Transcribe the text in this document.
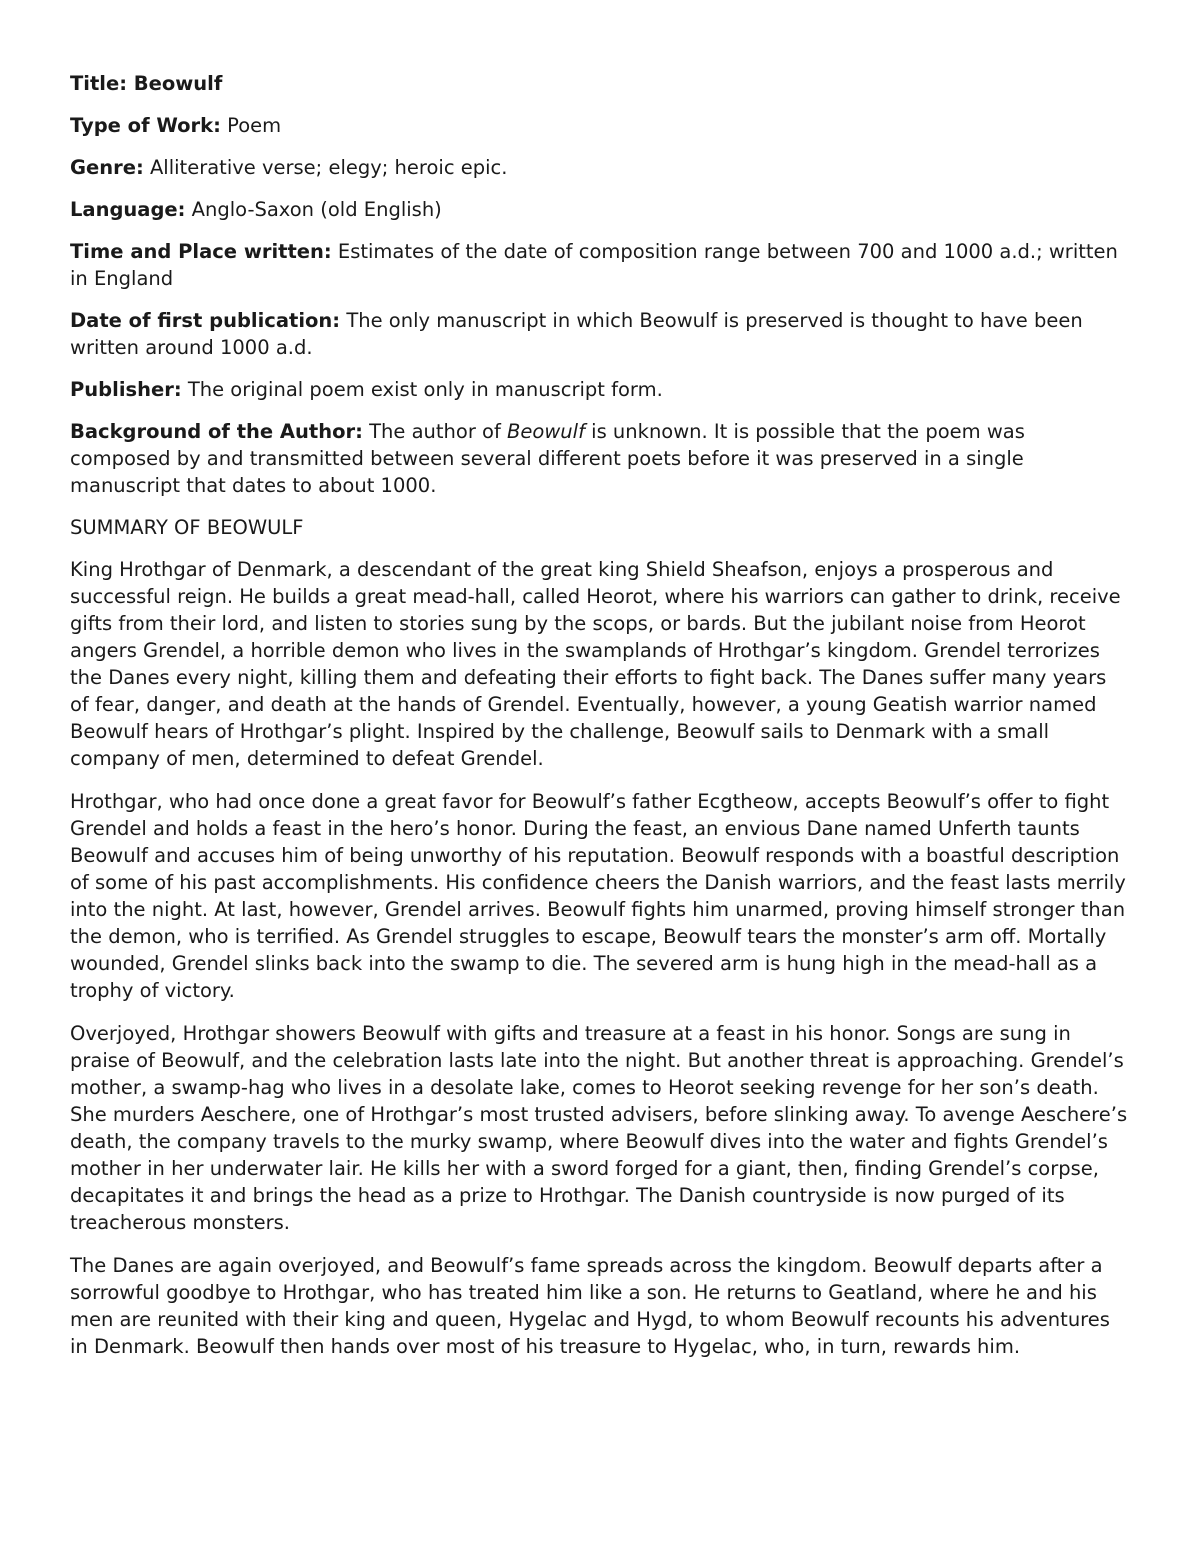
Title: Beowulf

Type of Work: Poem

Genre: Alliterative verse; elegy; heroic epic.

Language: Anglo-Saxon (old English)

Time and Place written: Estimates of the date of composition range between 700 and 1000 a.d.; written in England

Date of first publication: The only manuscript in which Beowulf is preserved is thought to have been written around 1000 a.d.

Publisher: The original poem exist only in manuscript form.

Background of the Author: The author of Beowulf is unknown. It is possible that the poem was composed by and transmitted between several different poets before it was preserved in a single manuscript that dates to about 1000.

SUMMARY OF BEOWULF

King Hrothgar of Denmark, a descendant of the great king Shield Sheafson, enjoys a prosperous and successful reign. He builds a great mead-hall, called Heorot, where his warriors can gather to drink, receive gifts from their lord, and listen to stories sung by the scops, or bards. But the jubilant noise from Heorot angers Grendel, a horrible demon who lives in the swamplands of Hrothgar’s kingdom. Grendel terrorizes the Danes every night, killing them and defeating their efforts to fight back. The Danes suffer many years of fear, danger, and death at the hands of Grendel. Eventually, however, a young Geatish warrior named Beowulf hears of Hrothgar’s plight. Inspired by the challenge, Beowulf sails to Denmark with a small company of men, determined to defeat Grendel.

Hrothgar, who had once done a great favor for Beowulf’s father Ecgtheow, accepts Beowulf’s offer to fight Grendel and holds a feast in the hero’s honor. During the feast, an envious Dane named Unferth taunts Beowulf and accuses him of being unworthy of his reputation. Beowulf responds with a boastful description of some of his past accomplishments. His confidence cheers the Danish warriors, and the feast lasts merrily into the night. At last, however, Grendel arrives. Beowulf fights him unarmed, proving himself stronger than the demon, who is terrified. As Grendel struggles to escape, Beowulf tears the monster’s arm off. Mortally wounded, Grendel slinks back into the swamp to die. The severed arm is hung high in the mead-hall as a trophy of victory.

Overjoyed, Hrothgar showers Beowulf with gifts and treasure at a feast in his honor. Songs are sung in praise of Beowulf, and the celebration lasts late into the night. But another threat is approaching. Grendel’s mother, a swamp-hag who lives in a desolate lake, comes to Heorot seeking revenge for her son’s death. She murders Aeschere, one of Hrothgar’s most trusted advisers, before slinking away. To avenge Aeschere’s death, the company travels to the murky swamp, where Beowulf dives into the water and fights Grendel’s mother in her underwater lair. He kills her with a sword forged for a giant, then, finding Grendel’s corpse, decapitates it and brings the head as a prize to Hrothgar. The Danish countryside is now purged of its treacherous monsters.

The Danes are again overjoyed, and Beowulf’s fame spreads across the kingdom. Beowulf departs after a sorrowful goodbye to Hrothgar, who has treated him like a son. He returns to Geatland, where he and his men are reunited with their king and queen, Hygelac and Hygd, to whom Beowulf recounts his adventures in Denmark. Beowulf then hands over most of his treasure to Hygelac, who, in turn, rewards him.
